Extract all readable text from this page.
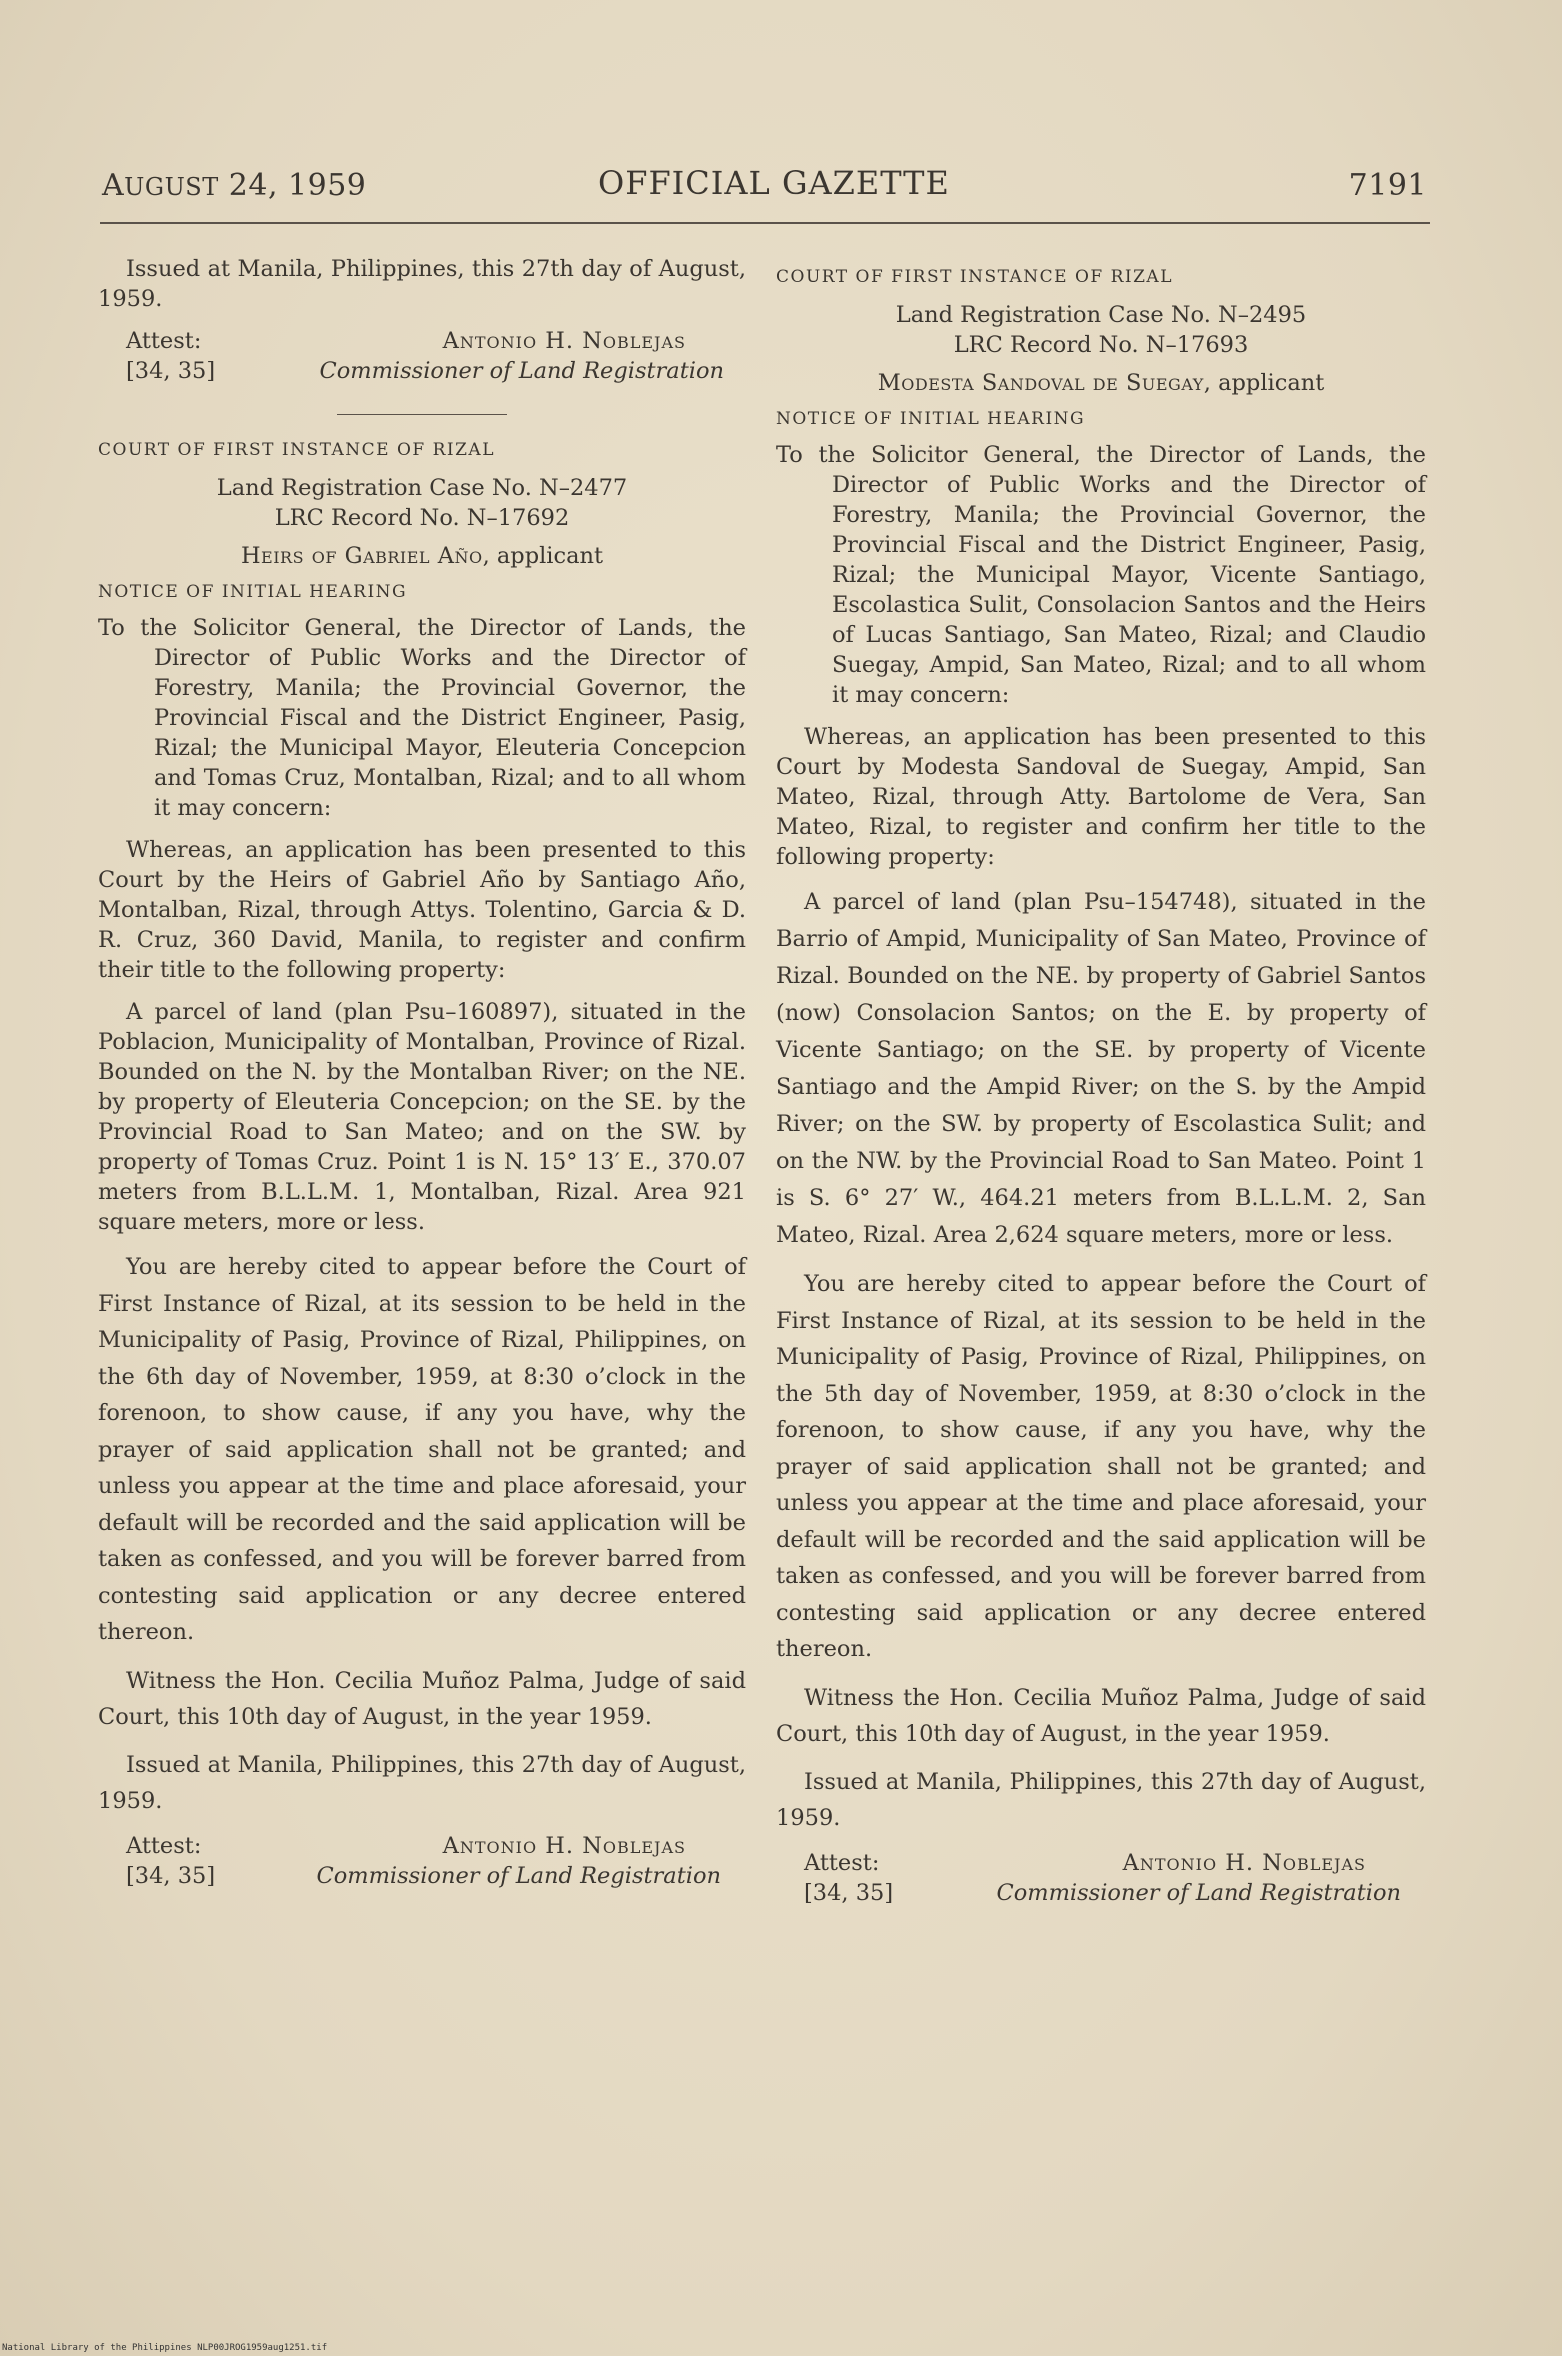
AUGUST 24, 1959	OFFICIAL GAZETTE	7191

Issued at Manila, Philippines, this 27th day of August, 1959.

Attest:	Antonio H. Noblejas
[34, 35]	Commissioner of Land Registration

COURT OF FIRST INSTANCE OF RIZAL

Land Registration Case No. N–2477

LRC Record No. N–17692

Heirs of Gabriel Año, applicant

NOTICE OF INITIAL HEARING

To the Solicitor General, the Director of Lands, the Director of Public Works and the Director of Forestry, Manila; the Provincial Governor, the Provincial Fiscal and the District Engineer, Pasig, Rizal; the Municipal Mayor, Eleuteria Concepcion and Tomas Cruz, Montalban, Rizal; and to all whom it may concern:

Whereas, an application has been presented to this Court by the Heirs of Gabriel Año by Santiago Año, Montalban, Rizal, through Attys. Tolentino, Garcia & D. R. Cruz, 360 David, Manila, to register and confirm their title to the following property:

A parcel of land (plan Psu–160897), situated in the Poblacion, Municipality of Montalban, Province of Rizal. Bounded on the N. by the Montalban River; on the NE. by property of Eleuteria Concepcion; on the SE. by the Provincial Road to San Mateo; and on the SW. by property of Tomas Cruz. Point 1 is N. 15° 13′ E., 370.07 meters from B.L.L.M. 1, Montalban, Rizal. Area 921 square meters, more or less.

You are hereby cited to appear before the Court of First Instance of Rizal, at its session to be held in the Municipality of Pasig, Province of Rizal, Philippines, on the 6th day of November, 1959, at 8:30 o’clock in the forenoon, to show cause, if any you have, why the prayer of said application shall not be granted; and unless you appear at the time and place aforesaid, your default will be recorded and the said application will be taken as confessed, and you will be forever barred from contesting said application or any decree entered thereon.

Witness the Hon. Cecilia Muñoz Palma, Judge of said Court, this 10th day of August, in the year 1959.

Issued at Manila, Philippines, this 27th day of August, 1959.

Attest:	Antonio H. Noblejas
[34, 35]	Commissioner of Land Registration

COURT OF FIRST INSTANCE OF RIZAL

Land Registration Case No. N–2495

LRC Record No. N–17693

Modesta Sandoval de Suegay, applicant

NOTICE OF INITIAL HEARING

To the Solicitor General, the Director of Lands, the Director of Public Works and the Director of Forestry, Manila; the Provincial Governor, the Provincial Fiscal and the District Engineer, Pasig, Rizal; the Municipal Mayor, Vicente Santiago, Escolastica Sulit, Consolacion Santos and the Heirs of Lucas Santiago, San Mateo, Rizal; and Claudio Suegay, Ampid, San Mateo, Rizal; and to all whom it may concern:

Whereas, an application has been presented to this Court by Modesta Sandoval de Suegay, Ampid, San Mateo, Rizal, through Atty. Bartolome de Vera, San Mateo, Rizal, to register and confirm her title to the following property:

A parcel of land (plan Psu–154748), situated in the Barrio of Ampid, Municipality of San Mateo, Province of Rizal. Bounded on the NE. by property of Gabriel Santos (now) Consolacion Santos; on the E. by property of Vicente Santiago; on the SE. by property of Vicente Santiago and the Ampid River; on the S. by the Ampid River; on the SW. by property of Escolastica Sulit; and on the NW. by the Provincial Road to San Mateo. Point 1 is S. 6° 27′ W., 464.21 meters from B.L.L.M. 2, San Mateo, Rizal. Area 2,624 square meters, more or less.

You are hereby cited to appear before the Court of First Instance of Rizal, at its session to be held in the Municipality of Pasig, Province of Rizal, Philippines, on the 5th day of November, 1959, at 8:30 o’clock in the forenoon, to show cause, if any you have, why the prayer of said application shall not be granted; and unless you appear at the time and place aforesaid, your default will be recorded and the said application will be taken as confessed, and you will be forever barred from contesting said application or any decree entered thereon.

Witness the Hon. Cecilia Muñoz Palma, Judge of said Court, this 10th day of August, in the year 1959.

Issued at Manila, Philippines, this 27th day of August, 1959.

Attest:	Antonio H. Noblejas
[34, 35]	Commissioner of Land Registration
National Library of the Philippines NLP00JROG1959aug1251.tif
